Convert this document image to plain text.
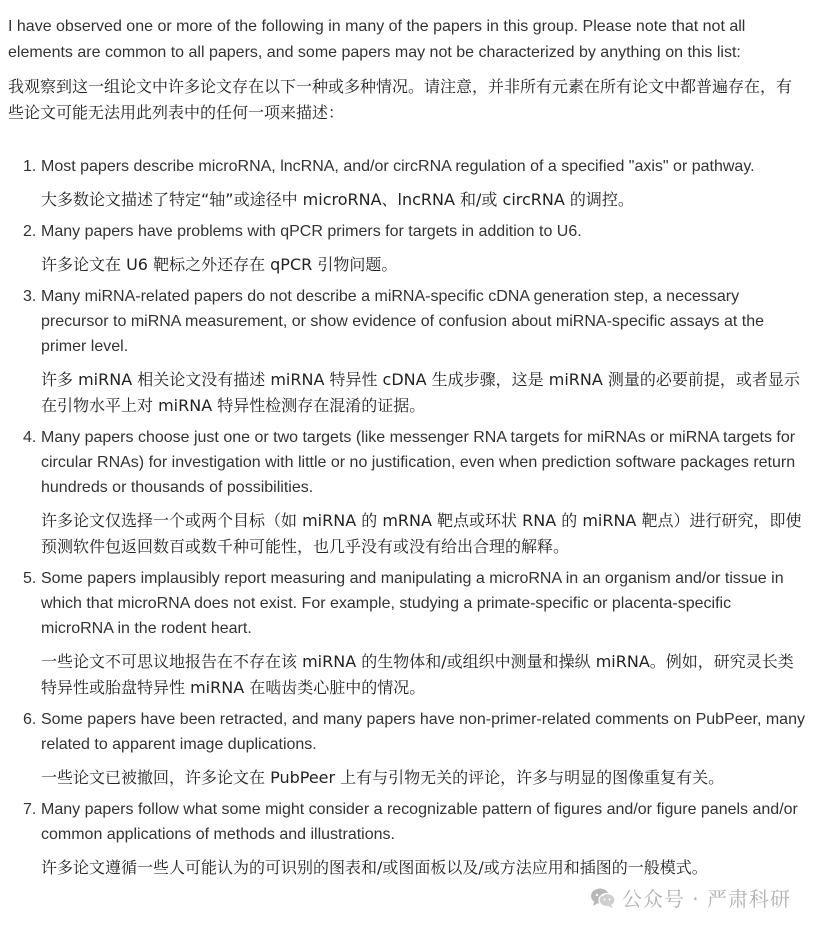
I have observed one or more of the following in many of the papers in this group. Please note that not all elements are common to all papers, and some papers may not be characterized by anything on this list:

我观察到这一组论文中许多论文存在以下一种或多种情况。请注意，并非所有元素在所有论文中都普遍存在，有些论文可能无法用此列表中的任何一项来描述：

1. Most papers describe microRNA, lncRNA, and/or circRNA regulation of a specified "axis" or pathway.

大多数论文描述了特定“轴”或途径中 microRNA、lncRNA 和/或 circRNA 的调控。

2. Many papers have problems with qPCR primers for targets in addition to U6.

许多论文在 U6 靶标之外还存在 qPCR 引物问题。

3. Many miRNA-related papers do not describe a miRNA-specific cDNA generation step, a necessary precursor to miRNA measurement, or show evidence of confusion about miRNA-specific assays at the primer level.

许多 miRNA 相关论文没有描述 miRNA 特异性 cDNA 生成步骤，这是 miRNA 测量的必要前提，或者显示在引物水平上对 miRNA 特异性检测存在混淆的证据。

4. Many papers choose just one or two targets (like messenger RNA targets for miRNAs or miRNA targets for circular RNAs) for investigation with little or no justification, even when prediction software packages return hundreds or thousands of possibilities.

许多论文仅选择一个或两个目标（如 miRNA 的 mRNA 靶点或环状 RNA 的 miRNA 靶点）进行研究，即使预测软件包返回数百或数千种可能性，也几乎没有或没有给出合理的解释。

5. Some papers implausibly report measuring and manipulating a microRNA in an organism and/or tissue in which that microRNA does not exist. For example, studying a primate-specific or placenta-specific microRNA in the rodent heart.

一些论文不可思议地报告在不存在该 miRNA 的生物体和/或组织中测量和操纵 miRNA。例如，研究灵长类特异性或胎盘特异性 miRNA 在啮齿类心脏中的情况。

6. Some papers have been retracted, and many papers have non-primer-related comments on PubPeer, many related to apparent image duplications.

一些论文已被撤回，许多论文在 PubPeer 上有与引物无关的评论，许多与明显的图像重复有关。

7. Many papers follow what some might consider a recognizable pattern of figures and/or figure panels and/or common applications of methods and illustrations.

许多论文遵循一些人可能认为的可识别的图表和/或图面板以及/或方法应用和插图的一般模式。

公众号 · 严肃科研
